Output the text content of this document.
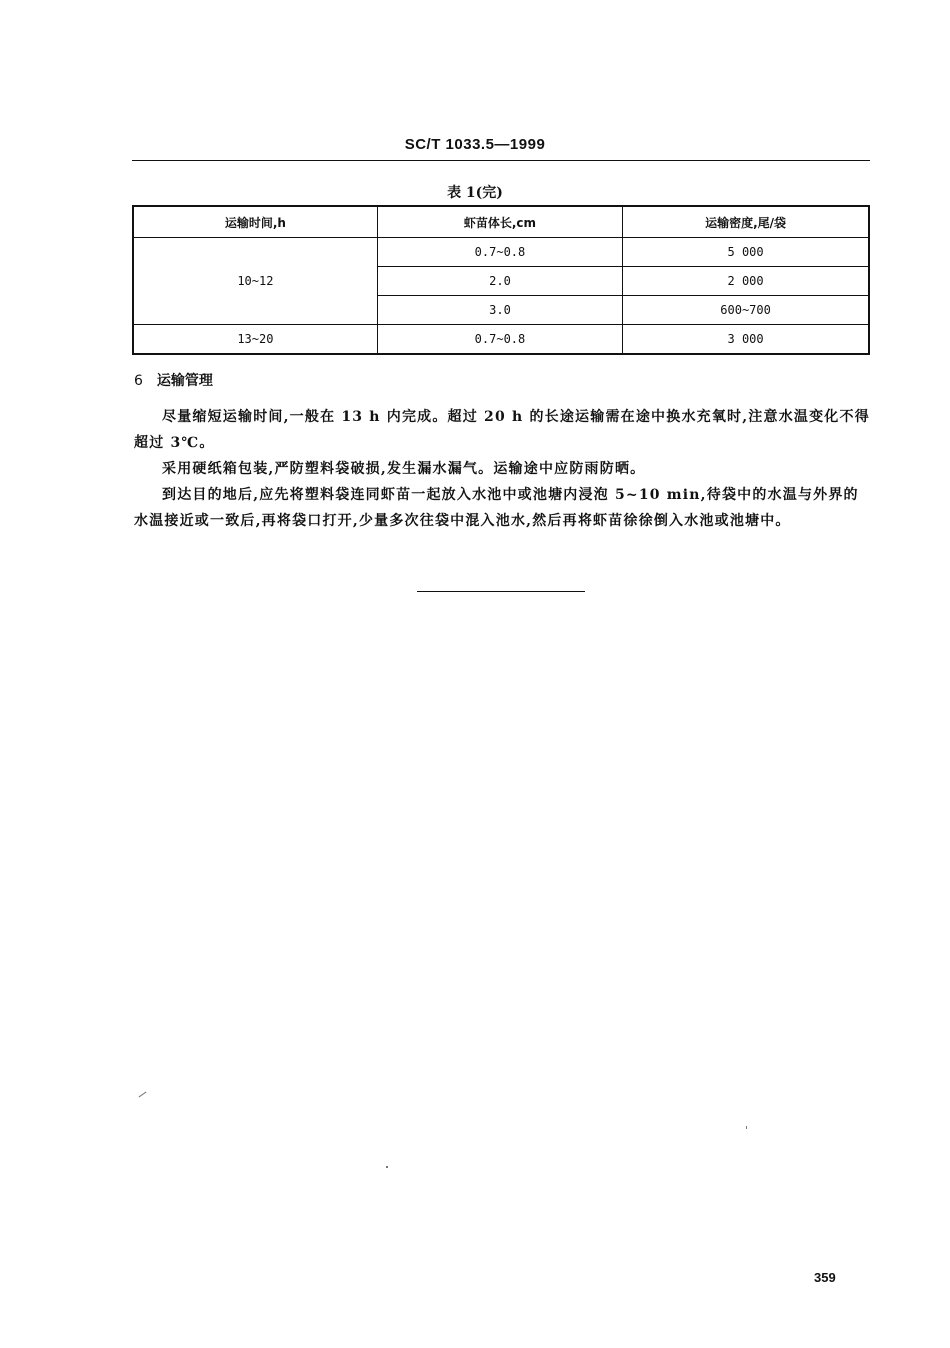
SC/T 1033.5—1999
表 1(完)
运输时间,h	虾苗体长,cm	运输密度,尾/袋
10~12	0.7~0.8	5 000
	2.0	2 000
	3.0	600~700
13~20	0.7~0.8	3 000
6 运输管理
尽量缩短运输时间,一般在 13 h 内完成。超过 20 h 的长途运输需在途中换水充氧时,注意水温变化不得超过 3℃。
采用硬纸箱包装,严防塑料袋破损,发生漏水漏气。运输途中应防雨防晒。
到达目的地后,应先将塑料袋连同虾苗一起放入水池中或池塘内浸泡 5~10 min,待袋中的水温与外界的水温接近或一致后,再将袋口打开,少量多次往袋中混入池水,然后再将虾苗徐徐倒入水池或池塘中。
359
